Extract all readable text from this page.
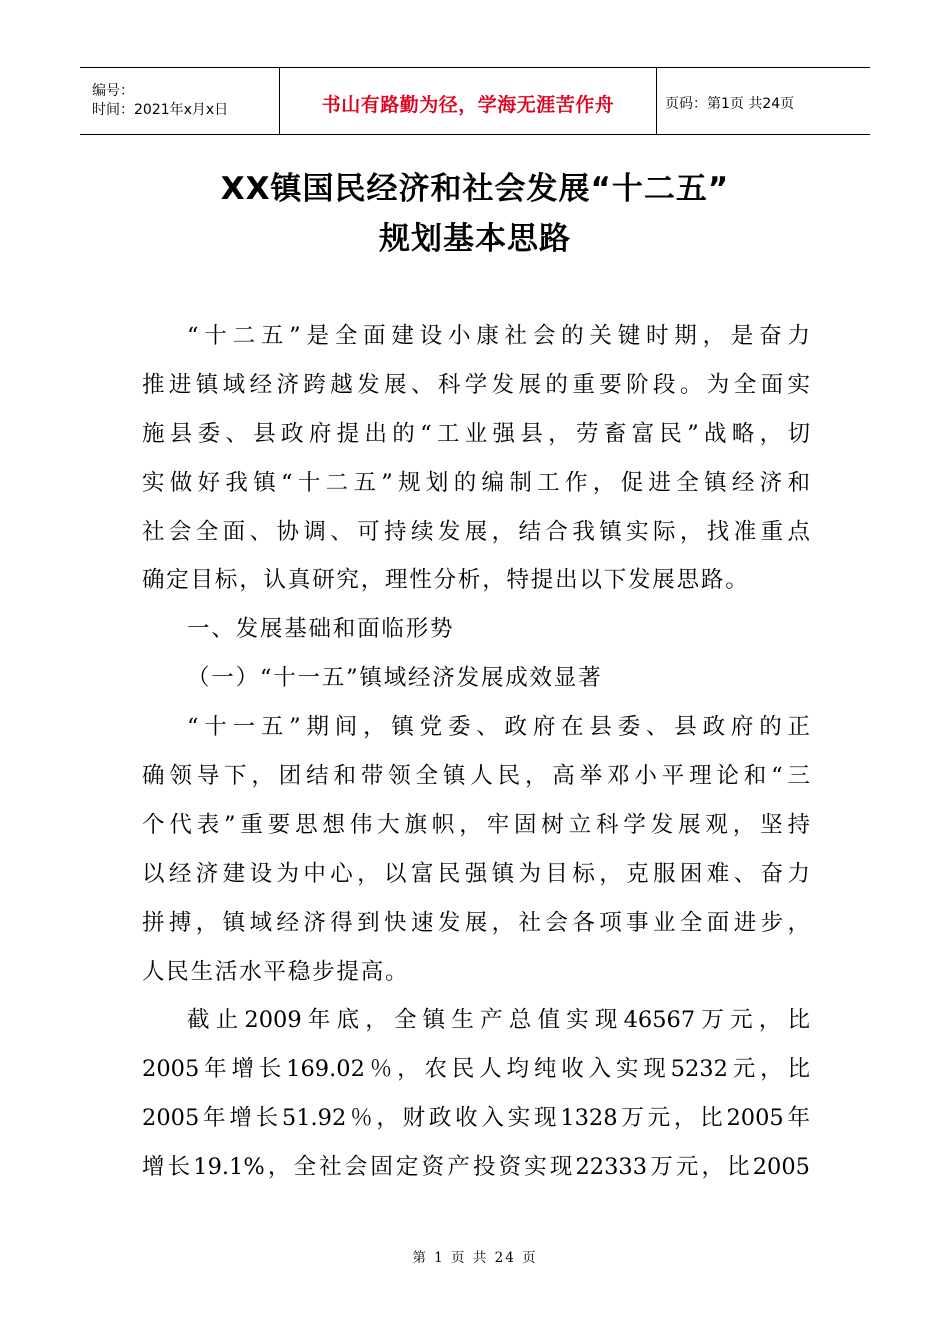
编号：
时间：2021年x月x日	书山有路勤为径，学海无涯苦作舟	页码：第1页 共24页
XX镇国民经济和社会发展“十二五”
规划基本思路
“十二五”是全面建设小康社会的关键时期，是奋力
推进镇域经济跨越发展、科学发展的重要阶段。为全面实
施县委、县政府提出的“工业强县，劳畜富民”战略，切
实做好我镇“十二五”规划的编制工作，促进全镇经济和
社会全面、协调、可持续发展，结合我镇实际，找准重点
确定目标，认真研究，理性分析，特提出以下发展思路。
一、发展基础和面临形势
（一）“十一五”镇域经济发展成效显著
“十一五”期间，镇党委、政府在县委、县政府的正
确领导下，团结和带领全镇人民，高举邓小平理论和“三
个代表”重要思想伟大旗帜，牢固树立科学发展观，坚持
以经济建设为中心，以富民强镇为目标，克服困难、奋力
拼搏，镇域经济得到快速发展，社会各项事业全面进步，
人民生活水平稳步提高。
截止2009年底，全镇生产总值实现46567万元，比
2005年增长169.02％，农民人均纯收入实现5232元，比
2005年增长51.92％，财政收入实现1328万元，比2005年
增长19.1%，全社会固定资产投资实现22333万元，比2005
第 1 页 共 24 页
